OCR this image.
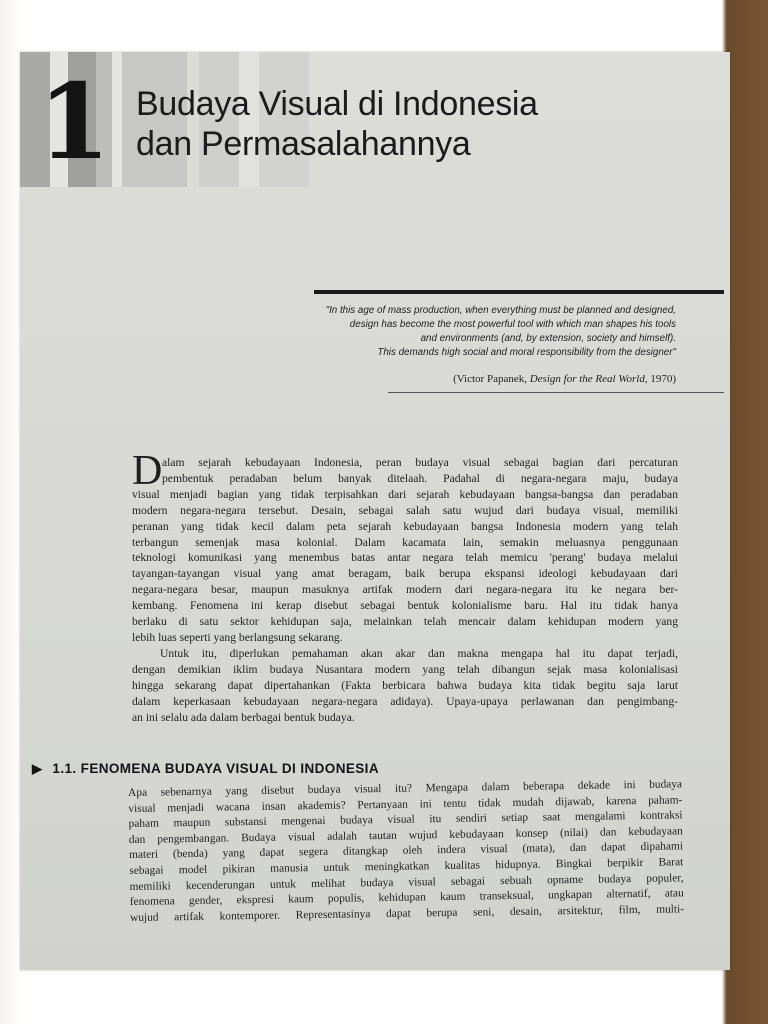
1 Budaya Visual di Indonesia
dan Permasalahannya
"In this age of mass production, when everything must be planned and designed,
design has become the most powerful tool with which man shapes his tools
and environments (and, by extension, society and himself).
This demands high social and moral responsibility from the designer"
(Victor Papanek, Design for the Real World, 1970)
D alam sejarah kebudayaan Indonesia, peran budaya visual sebagai bagian dari percaturan
pembentuk peradaban belum banyak ditelaah. Padahal di negara-negara maju, budaya
visual menjadi bagian yang tidak terpisahkan dari sejarah kebudayaan bangsa-bangsa dan peradaban
modern negara-negara tersebut. Desain, sebagai salah satu wujud dari budaya visual, memiliki
peranan yang tidak kecil dalam peta sejarah kebudayaan bangsa Indonesia modern yang telah
terbangun semenjak masa kolonial. Dalam kacamata lain, semakin meluasnya penggunaan
teknologi komunikasi yang menembus batas antar negara telah memicu 'perang' budaya melalui
tayangan-tayangan visual yang amat beragam, baik berupa ekspansi ideologi kebudayaan dari
negara-negara besar, maupun masuknya artifak modern dari negara-negara itu ke negara ber-
kembang. Fenomena ini kerap disebut sebagai bentuk kolonialisme baru. Hal itu tidak hanya
berlaku di satu sektor kehidupan saja, melainkan telah mencair dalam kehidupan modern yang
lebih luas seperti yang berlangsung sekarang.
Untuk itu, diperlukan pemahaman akan akar dan makna mengapa hal itu dapat terjadi,
dengan demikian iklim budaya Nusantara modern yang telah dibangun sejak masa kolonialisasi
hingga sekarang dapat dipertahankan (Fakta berbicara bahwa budaya kita tidak begitu saja larut
dalam keperkasaan kebudayaan negara-negara adidaya). Upaya-upaya perlawanan dan pengimbang-
an ini selalu ada dalam berbagai bentuk budaya.
▶ 1.1. FENOMENA BUDAYA VISUAL DI INDONESIA
Apa sebenarnya yang disebut budaya visual itu? Mengapa dalam beberapa dekade ini budaya
visual menjadi wacana insan akademis? Pertanyaan ini tentu tidak mudah dijawab, karena paham-
paham maupun substansi mengenai budaya visual itu sendiri setiap saat mengalami kontraksi
dan pengembangan. Budaya visual adalah tautan wujud kebudayaan konsep (nilai) dan kebudayaan
materi (benda) yang dapat segera ditangkap oleh indera visual (mata), dan dapat dipahami
sebagai model pikiran manusia untuk meningkatkan kualitas hidupnya. Bingkai berpikir Barat
memiliki kecenderungan untuk melihat budaya visual sebagai sebuah opname budaya populer,
fenomena gender, ekspresi kaum populis, kehidupan kaum transeksual, ungkapan alternatif, atau
wujud artifak kontemporer. Representasinya dapat berupa seni, desain, arsitektur, film, multi-
